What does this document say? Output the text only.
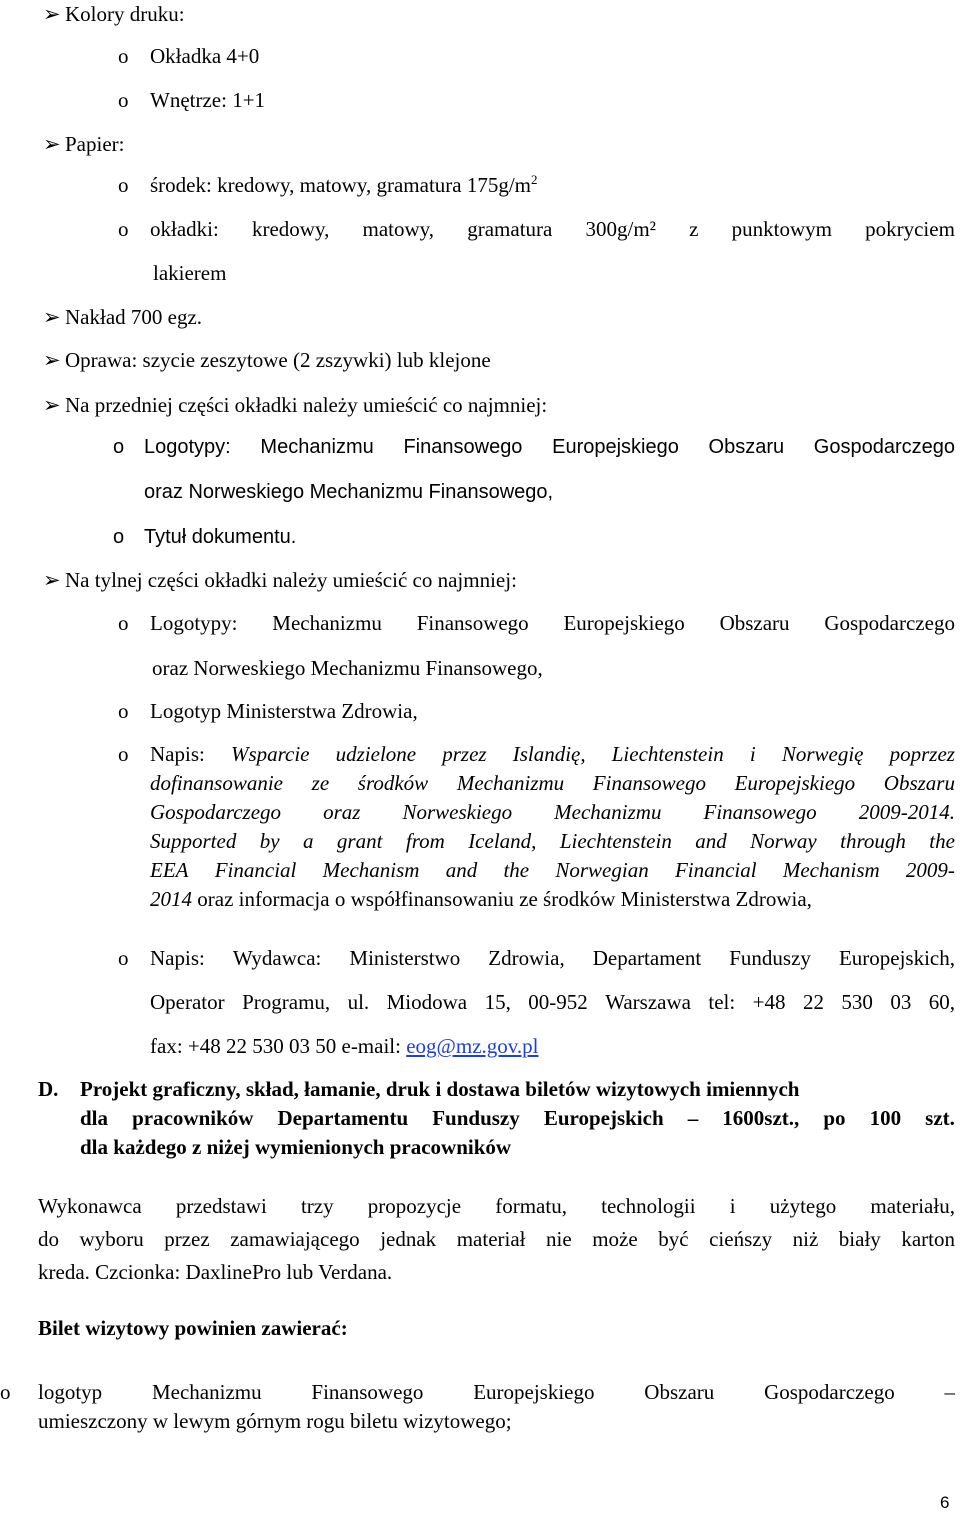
➢ Kolory druku:
o Okładka 4+0
o Wnętrze: 1+1
➢ Papier:
o środek: kredowy, matowy, gramatura $175g/m^2$
o okładki: kredowy, matowy, gramatura 300g/m² z punktowym pokryciem
lakierem
➢ Nakład 700 egz.
➢ Oprawa: szycie zeszytowe (2 zszywki) lub klejone
➢ Na przedniej części okładki należy umieścić co najmniej:
o Logotypy: Mechanizmu Finansowego Europejskiego Obszaru Gospodarczego
oraz Norweskiego Mechanizmu Finansowego,
o Tytuł dokumentu.
➢ Na tylnej części okładki należy umieścić co najmniej:
o Logotypy: Mechanizmu Finansowego Europejskiego Obszaru Gospodarczego
oraz Norweskiego Mechanizmu Finansowego,
o Logotyp Ministerstwa Zdrowia,
o Napis: Wsparcie udzielone przez Islandię, Liechtenstein i Norwegię poprzez
dofinansowanie ze środków Mechanizmu Finansowego Europejskiego Obszaru
Gospodarczego oraz Norweskiego Mechanizmu Finansowego 2009-2014.
Supported by a grant from Iceland, Liechtenstein and Norway through the
EEA Financial Mechanism and the Norwegian Financial Mechanism 2009-
2014 oraz informacja o współfinansowaniu ze środków Ministerstwa Zdrowia,
o Napis: Wydawca: Ministerstwo Zdrowia, Departament Funduszy Europejskich,
Operator Programu, ul. Miodowa 15, 00-952 Warszawa tel: +48 22 530 03 60,
fax: +48 22 530 03 50 e-mail: eog@mz.gov.pl
D. Projekt graficzny, skład, łamanie, druk i dostawa biletów wizytowych imiennych
dla pracowników Departamentu Funduszy Europejskich – 1600szt., po 100 szt.
dla każdego z niżej wymienionych pracowników
Wykonawca przedstawi trzy propozycje formatu, technologii i użytego materiału,
do wyboru przez zamawiającego jednak materiał nie może być cieńszy niż biały karton
kreda. Czcionka: DaxlinePro lub Verdana.
Bilet wizytowy powinien zawierać:
o logotyp Mechanizmu Finansowego Europejskiego Obszaru Gospodarczego –
umieszczony w lewym górnym rogu biletu wizytowego;
6
